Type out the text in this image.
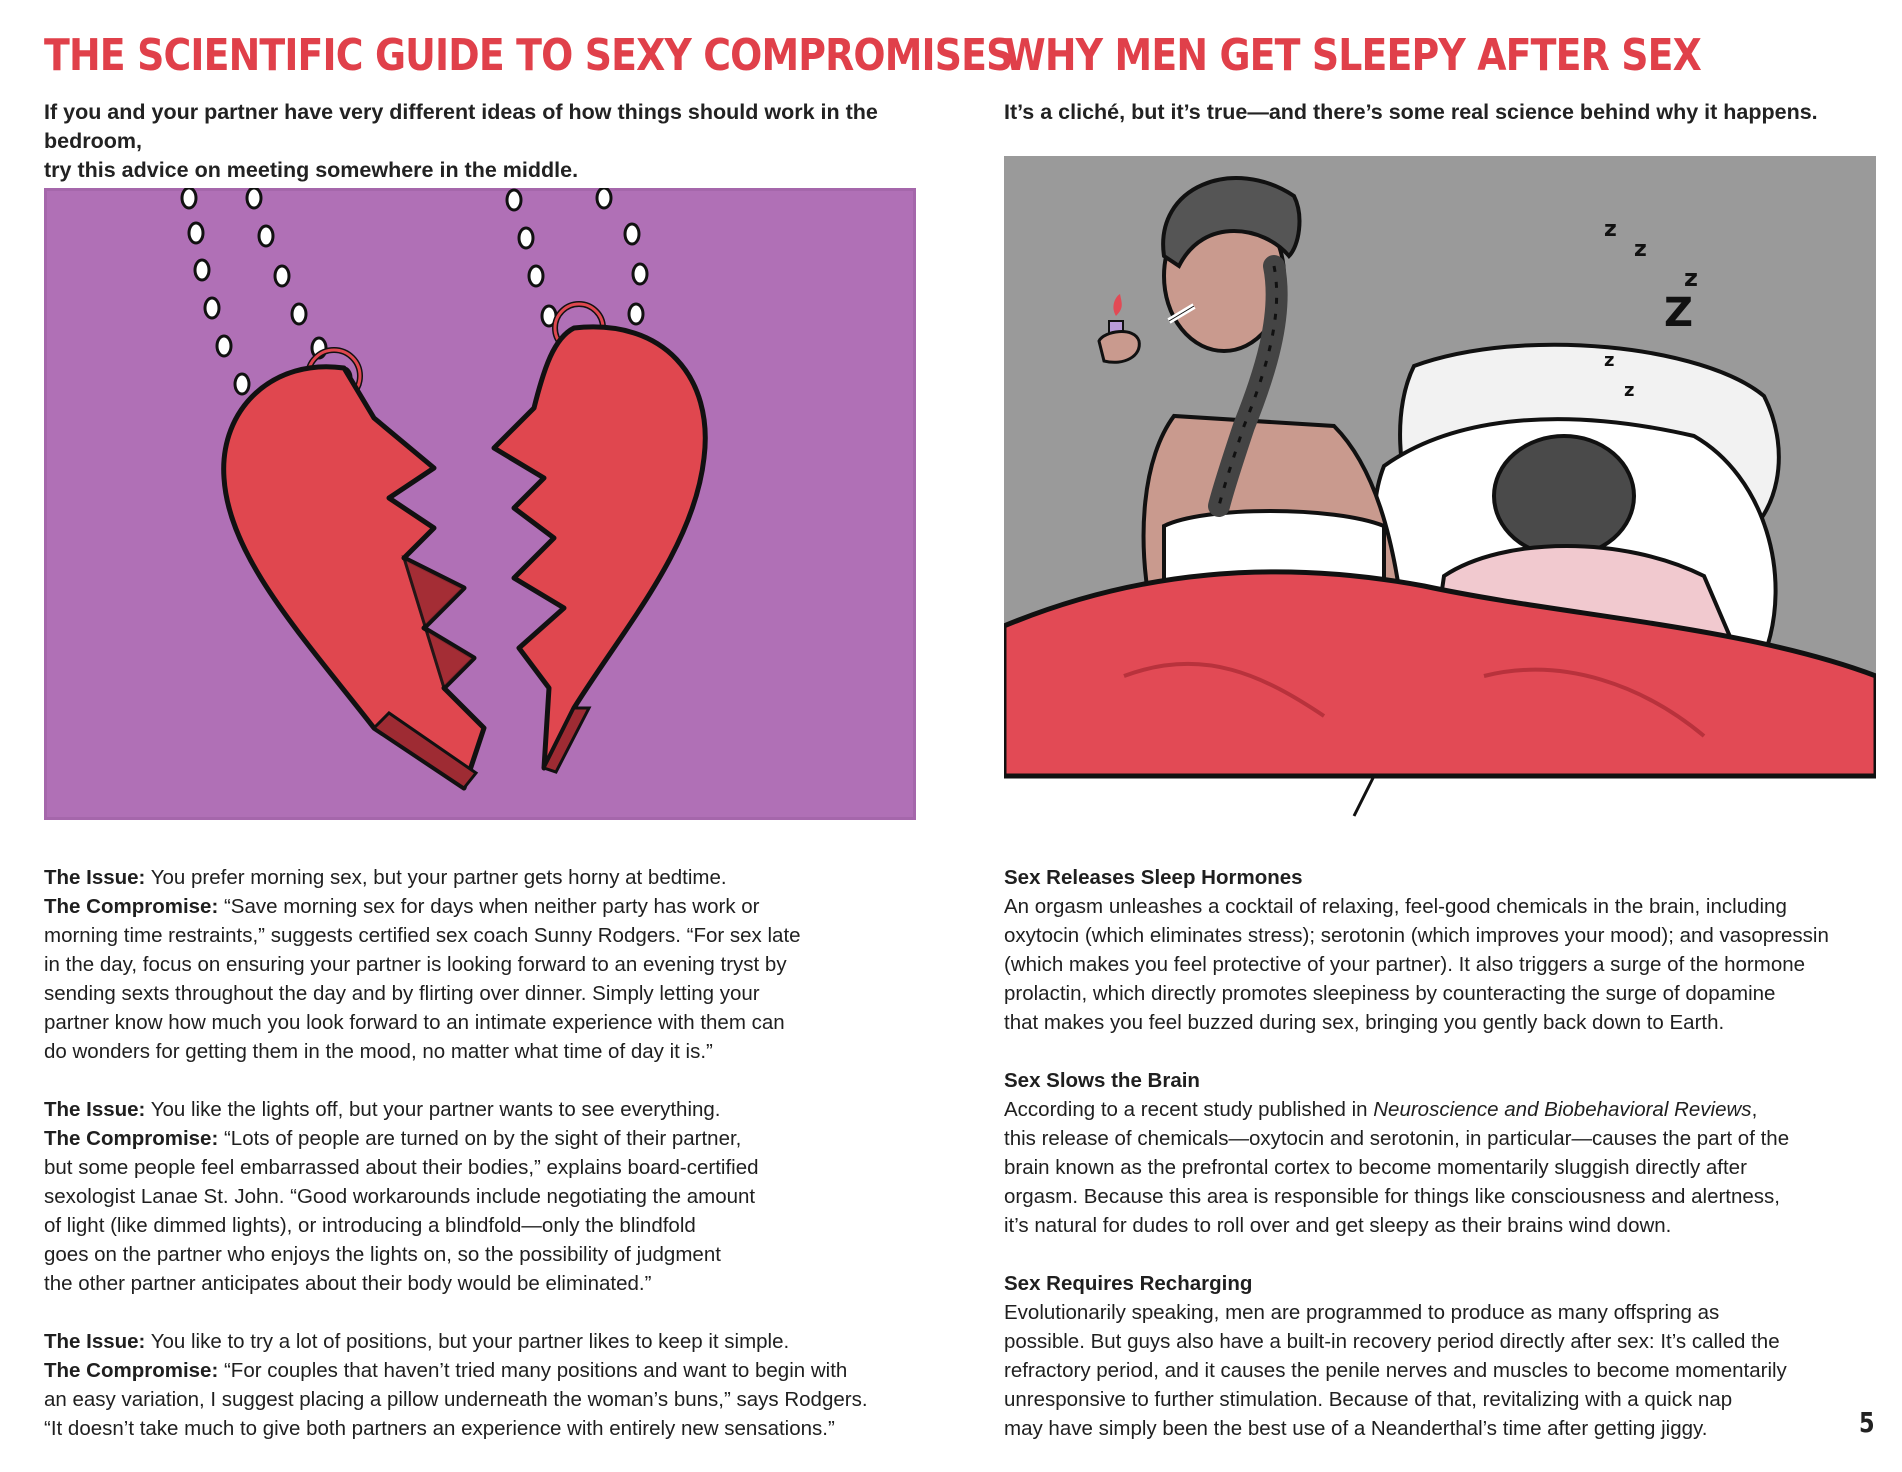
THE SCIENTIFIC GUIDE TO SEXY COMPROMISES
If you and your partner have very different ideas of how things should work in the bedroom,
try this advice on meeting somewhere in the middle.

The Issue: You prefer morning sex, but your partner gets horny at bedtime.

The Compromise: “Save morning sex for days when neither party has work or

morning time restraints,” suggests certified sex coach Sunny Rodgers. “For sex late

in the day, focus on ensuring your partner is looking forward to an evening tryst by

sending sexts throughout the day and by flirting over dinner. Simply letting your

partner know how much you look forward to an intimate experience with them can

do wonders for getting them in the mood, no matter what time of day it is.”

The Issue: You like the lights off, but your partner wants to see everything.

The Compromise: “Lots of people are turned on by the sight of their partner,

but some people feel embarrassed about their bodies,” explains board-certified

sexologist Lanae St. John. “Good workarounds include negotiating the amount

of light (like dimmed lights), or introducing a blindfold—only the blindfold

goes on the partner who enjoys the lights on, so the possibility of judgment

the other partner anticipates about their body would be eliminated.”

The Issue: You like to try a lot of positions, but your partner likes to keep it simple.

The Compromise: “For couples that haven’t tried many positions and want to begin with

an easy variation, I suggest placing a pillow underneath the woman’s buns,” says Rodgers.

“It doesn’t take much to give both partners an experience with entirely new sensations.”

WHY MEN GET SLEEPY AFTER SEX
It’s a cliché, but it’s true—and there’s some real science behind why it happens.
z
z
z
Z
z
z

Sex Releases Sleep Hormones

An orgasm unleashes a cocktail of relaxing, feel-good chemicals in the brain, including

oxytocin (which eliminates stress); serotonin (which improves your mood); and vasopressin

(which makes you feel protective of your partner). It also triggers a surge of the hormone

prolactin, which directly promotes sleepiness by counteracting the surge of dopamine

that makes you feel buzzed during sex, bringing you gently back down to Earth.

Sex Slows the Brain

According to a recent study published in Neuroscience and Biobehavioral Reviews,

this release of chemicals—oxytocin and serotonin, in particular—causes the part of the

brain known as the prefrontal cortex to become momentarily sluggish directly after

orgasm. Because this area is responsible for things like consciousness and alertness,

it’s natural for dudes to roll over and get sleepy as their brains wind down.

Sex Requires Recharging

Evolutionarily speaking, men are programmed to produce as many offspring as

possible. But guys also have a built-in recovery period directly after sex: It’s called the

refractory period, and it causes the penile nerves and muscles to become momentarily

unresponsive to further stimulation. Because of that, revitalizing with a quick nap

may have simply been the best use of a Neanderthal’s time after getting jiggy.	5
